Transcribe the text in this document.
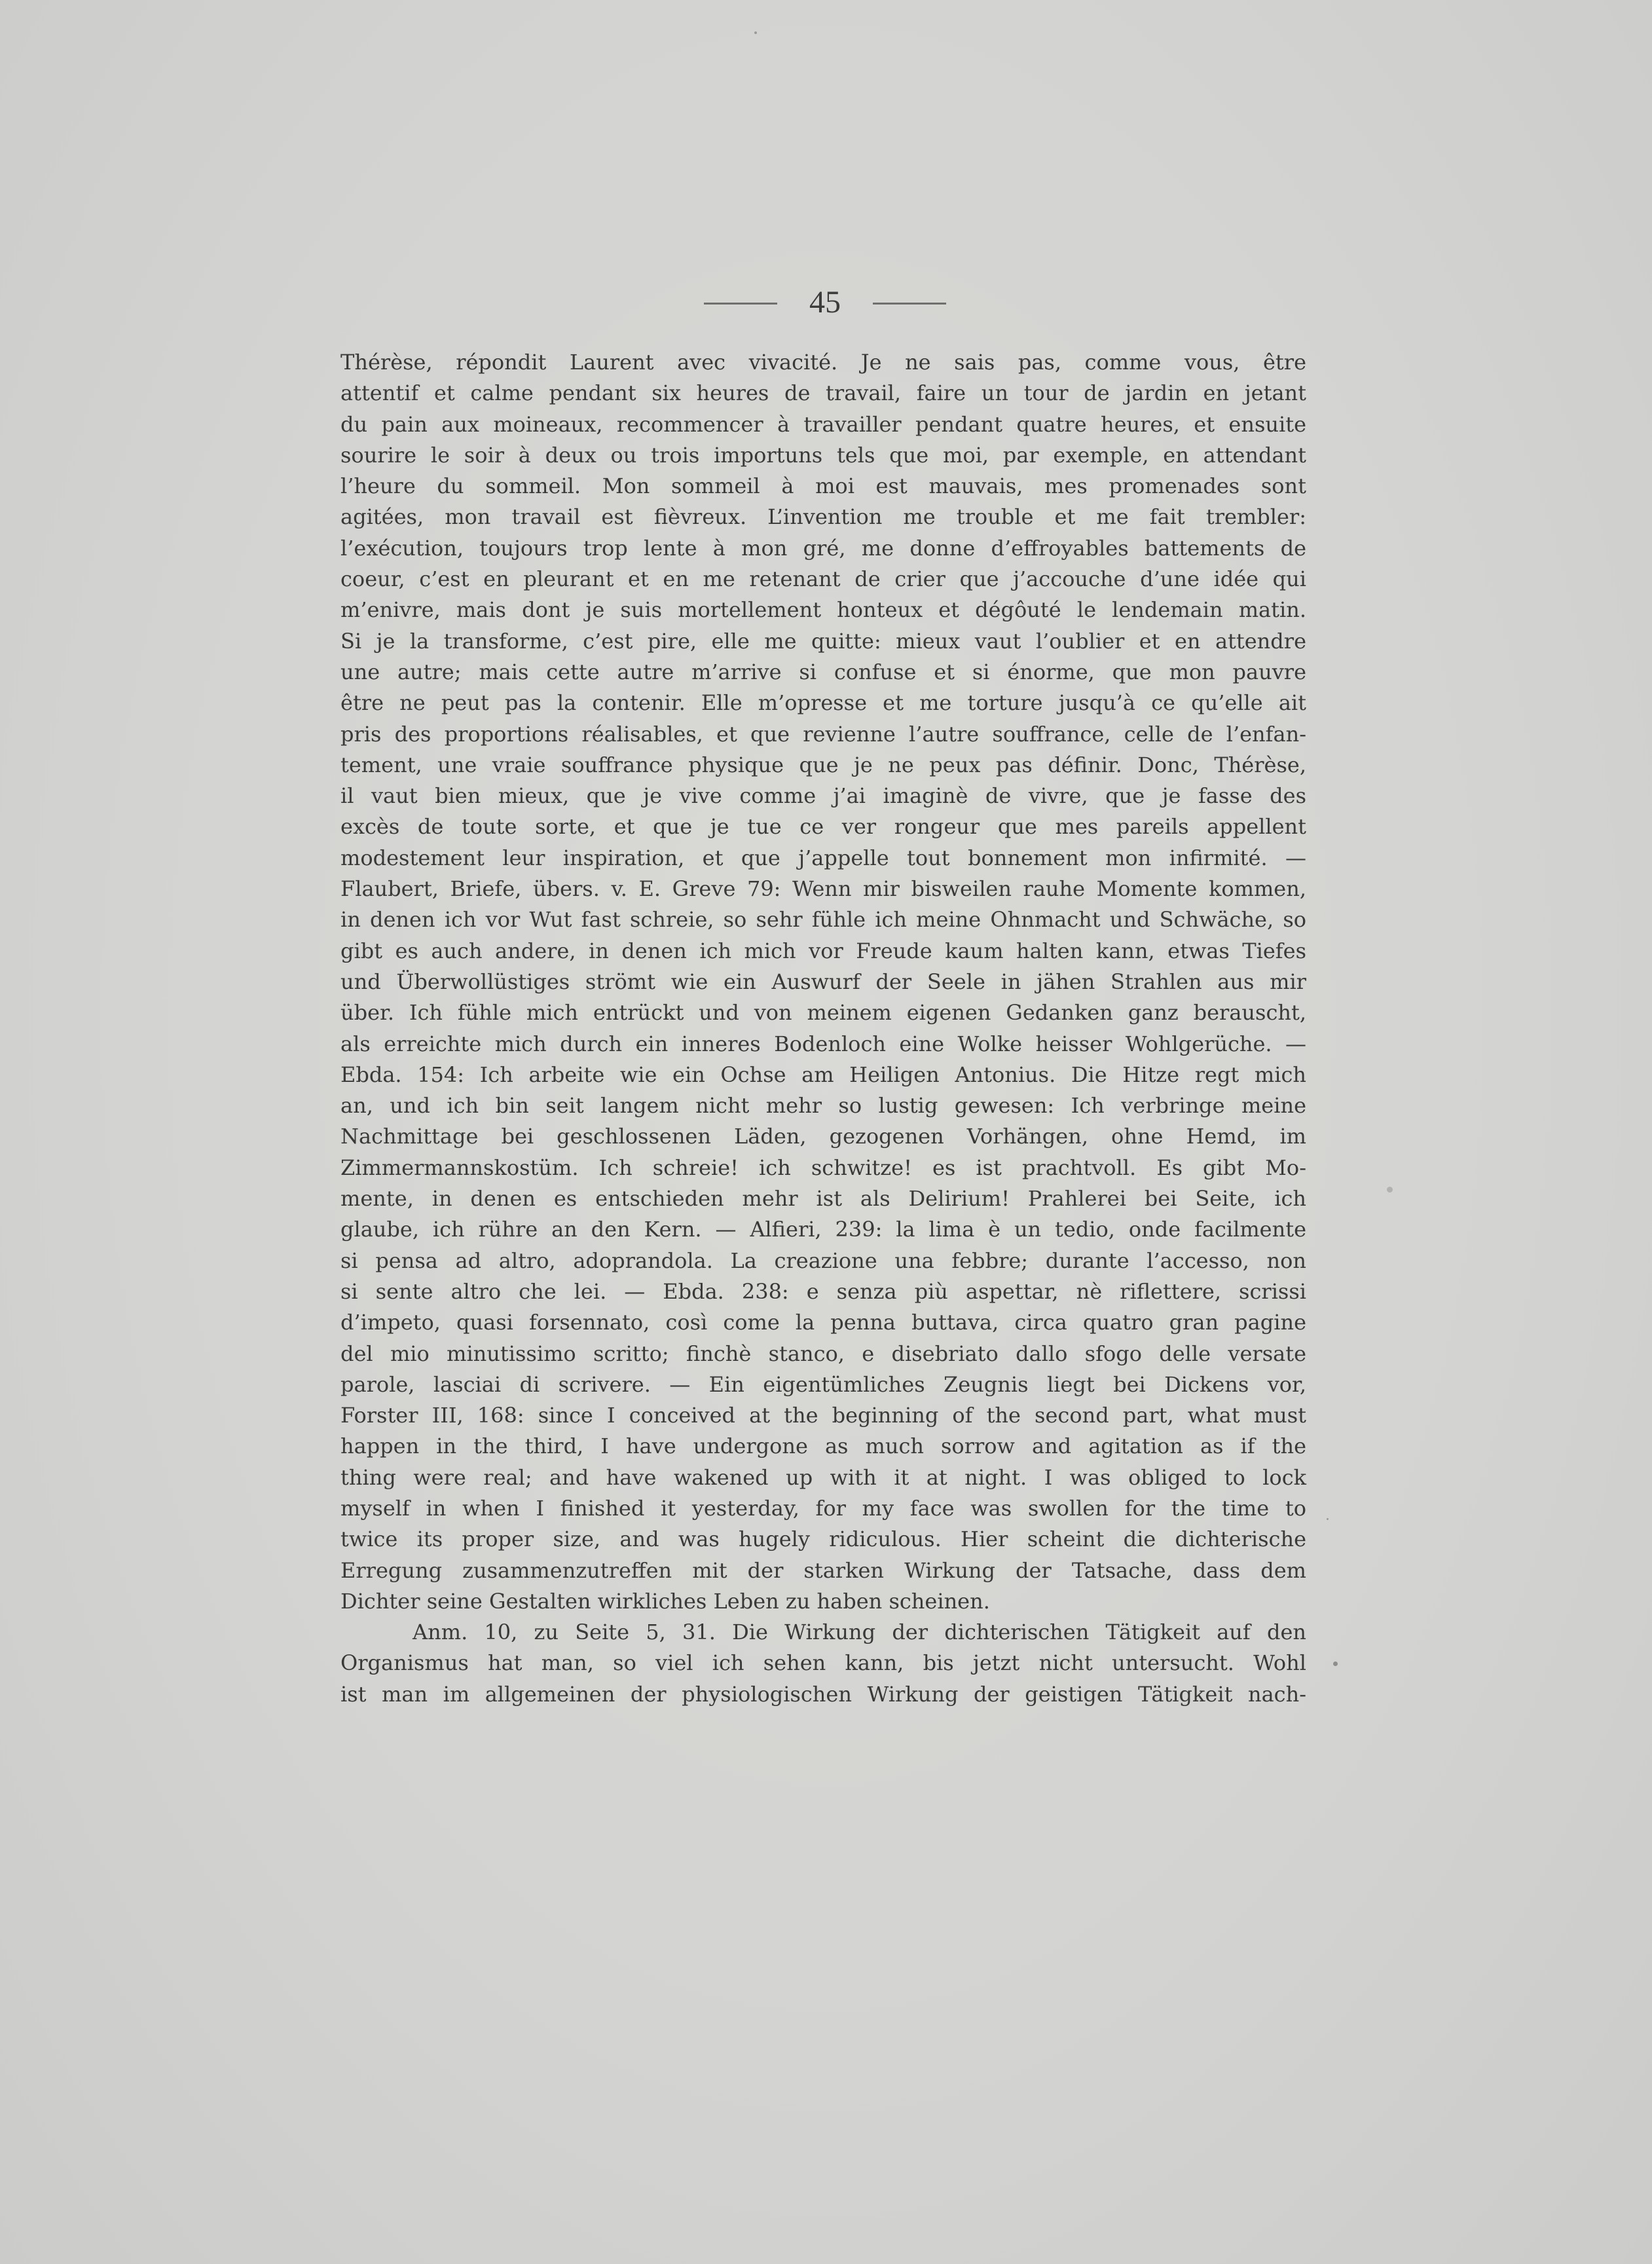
45
Thérèse, répondit Laurent avec vivacité. Je ne sais pas, comme vous, être
attentif et calme pendant six heures de travail, faire un tour de jardin en jetant
du pain aux moineaux, recommencer à travailler pendant quatre heures, et ensuite
sourire le soir à deux ou trois importuns tels que moi, par exemple, en attendant
l’heure du sommeil. Mon sommeil à moi est mauvais, mes promenades sont
agitées, mon travail est fièvreux. L’invention me trouble et me fait trembler:
l’exécution, toujours trop lente à mon gré, me donne d’effroyables battements de
coeur, c’est en pleurant et en me retenant de crier que j’accouche d’une idée qui
m’enivre, mais dont je suis mortellement honteux et dégôuté le lendemain matin.
Si je la transforme, c’est pire, elle me quitte: mieux vaut l’oublier et en attendre
une autre; mais cette autre m’arrive si confuse et si énorme, que mon pauvre
être ne peut pas la contenir. Elle m’opresse et me torture jusqu’à ce qu’elle ait
pris des proportions réalisables, et que revienne l’autre souffrance, celle de l’enfan-
tement, une vraie souffrance physique que je ne peux pas définir. Donc, Thérèse,
il vaut bien mieux, que je vive comme j’ai imaginè de vivre, que je fasse des
excès de toute sorte, et que je tue ce ver rongeur que mes pareils appellent
modestement leur inspiration, et que j’appelle tout bonnement mon infirmité. —
Flaubert, Briefe, übers. v. E. Greve 79: Wenn mir bisweilen rauhe Momente kommen,
in denen ich vor Wut fast schreie, so sehr fühle ich meine Ohnmacht und Schwäche, so
gibt es auch andere, in denen ich mich vor Freude kaum halten kann, etwas Tiefes
und Überwollüstiges strömt wie ein Auswurf der Seele in jähen Strahlen aus mir
über. Ich fühle mich entrückt und von meinem eigenen Gedanken ganz berauscht,
als erreichte mich durch ein inneres Bodenloch eine Wolke heisser Wohlgerüche. —
Ebda. 154: Ich arbeite wie ein Ochse am Heiligen Antonius. Die Hitze regt mich
an, und ich bin seit langem nicht mehr so lustig gewesen: Ich verbringe meine
Nachmittage bei geschlossenen Läden, gezogenen Vorhängen, ohne Hemd, im
Zimmermannskostüm. Ich schreie! ich schwitze! es ist prachtvoll. Es gibt Mo-
mente, in denen es entschieden mehr ist als Delirium! Prahlerei bei Seite, ich
glaube, ich rühre an den Kern. — Alfieri, 239: la lima è un tedio, onde facilmente
si pensa ad altro, adoprandola. La creazione una febbre; durante l’accesso, non
si sente altro che lei. — Ebda. 238: e senza più aspettar, nè riflettere, scrissi
d’impeto, quasi forsennato, così come la penna buttava, circa quatro gran pagine
del mio minutissimo scritto; finchè stanco, e disebriato dallo sfogo delle versate
parole, lasciai di scrivere. — Ein eigentümliches Zeugnis liegt bei Dickens vor,
Forster III, 168: since I conceived at the beginning of the second part, what must
happen in the third, I have undergone as much sorrow and agitation as if the
thing were real; and have wakened up with it at night. I was obliged to lock
myself in when I finished it yesterday, for my face was swollen for the time to
twice its proper size, and was hugely ridiculous. Hier scheint die dichterische
Erregung zusammenzutreffen mit der starken Wirkung der Tatsache, dass dem
Dichter seine Gestalten wirkliches Leben zu haben scheinen.
Anm. 10, zu Seite 5, 31. Die Wirkung der dichterischen Tätigkeit auf den
Organismus hat man, so viel ich sehen kann, bis jetzt nicht untersucht. Wohl
ist man im allgemeinen der physiologischen Wirkung der geistigen Tätigkeit nach-
